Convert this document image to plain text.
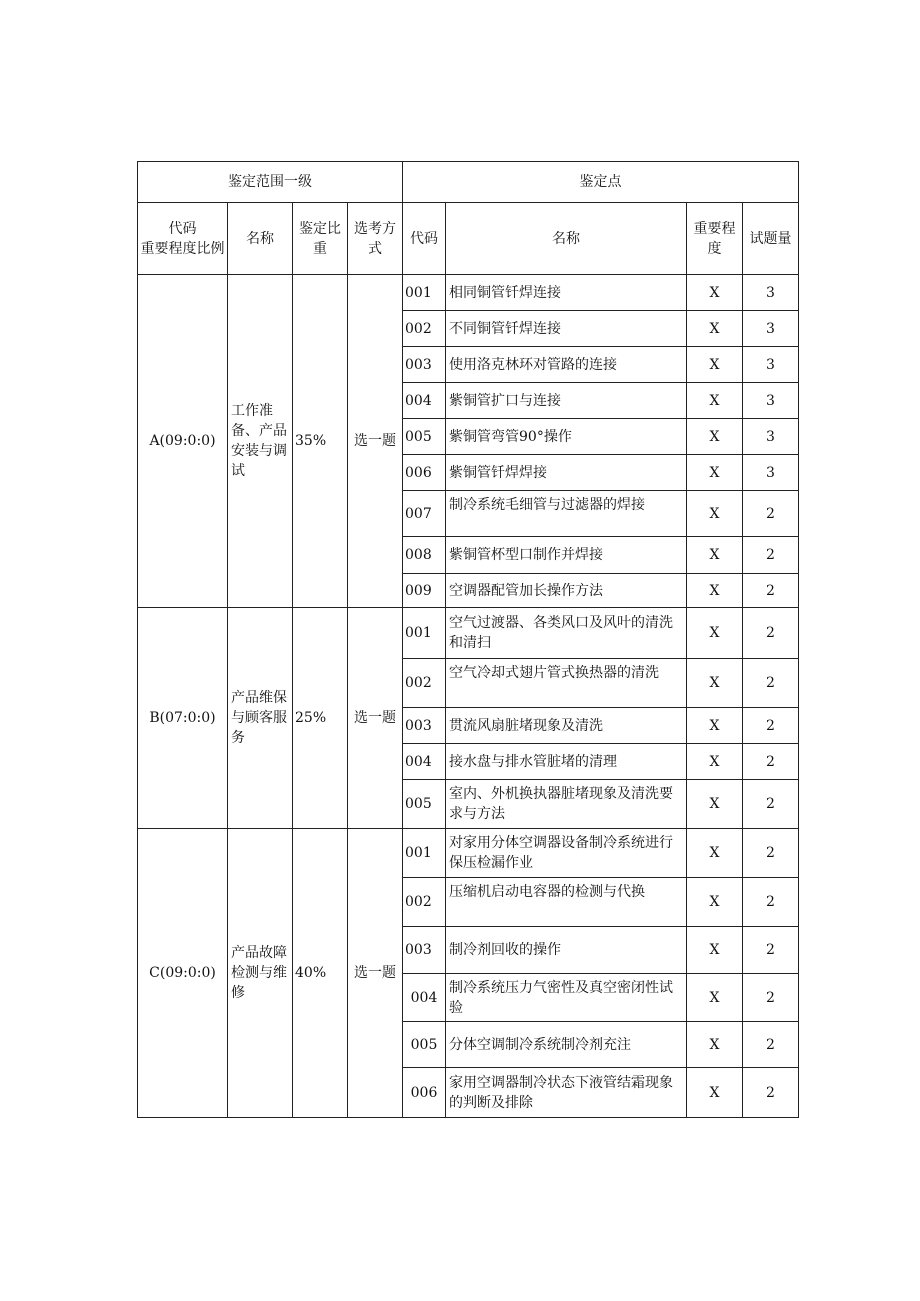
鉴定范围一级				鉴定点			
代码
重要程度比例	名称	鉴定比重	选考方式	代码	名称	重要程度	试题量
A(09:0:0)	工作准备、产品安装与调试	35%	选一题	001	相同铜管钎焊连接	X	3
				002	不同铜管钎焊连接	X	3
				003	使用洛克林环对管路的连接	X	3
				004	紫铜管扩口与连接	X	3
				005	紫铜管弯管90°操作	X	3
				006	紫铜管钎焊焊接	X	3
				007	制冷系统毛细管与过滤器的焊接	X	2
				008	紫铜管杯型口制作并焊接	X	2
				009	空调器配管加长操作方法	X	2
B(07:0:0)	产品维保与顾客服务	25%	选一题	001	空气过渡器、各类风口及风叶的清洗和清扫	X	2
				002	空气冷却式翅片管式换热器的清洗	X	2
				003	贯流风扇脏堵现象及清洗	X	2
				004	接水盘与排水管脏堵的清理	X	2
				005	室内、外机换执器脏堵现象及清洗要求与方法	X	2
C(09:0:0)	产品故障检测与维修	40%	选一题	001	对家用分体空调器设备制冷系统进行保压检漏作业	X	2
				002	压缩机启动电容器的检测与代换	X	2
				003	制冷剂回收的操作	X	2
				004	制冷系统压力气密性及真空密闭性试验	X	2
				005	分体空调制冷系统制冷剂充注	X	2
				006	家用空调器制冷状态下液管结霜现象的判断及排除	X	2
